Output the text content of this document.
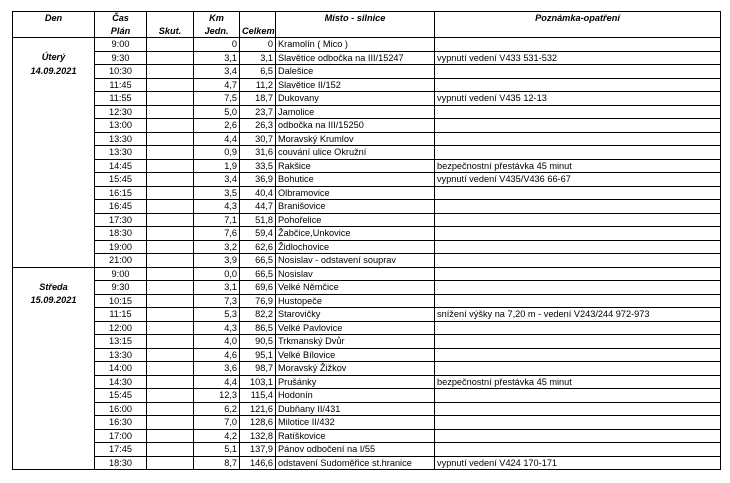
Den	Čas		Km		Místo - silnice	Poznámka-opatření
	Plán	Skut.	Jedn.	Celkem		
	9:00		0	0	Kramolín ( Mico )	
Úterý	9:30		3,1	3,1	Slavětice odbočka na III/15247	vypnutí vedení V433 531-532
14.09.2021	10:30		3,4	6,5	Dalešice	
	11:45		4,7	11,2	Slavětice II/152	
	11:55		7,5	18,7	Dukovany	vypnutí vedení V435 12-13
	12:30		5,0	23,7	Jamolice	
	13:00		2,6	26,3	odbočka na III/15250	
	13:30		4,4	30,7	Moravský Krumlov	
	13:30		0,9	31,6	couvání ulice Okružní	
	14:45		1,9	33,5	Rakšice	bezpečnostní přestávka 45 minut
	15:45		3,4	36,9	Bohutice	vypnutí vedení V435/V436 66-67
	16:15		3,5	40,4	Olbramovice	
	16:45		4,3	44,7	Branišovice	
	17:30		7,1	51,8	Pohořelice	
	18:30		7,6	59,4	Žabčice,Unkovice	
	19:00		3,2	62,6	Židlochovice	
	21:00		3,9	66,5	Nosislav - odstavení souprav	
	9:00		0,0	66,5	Nosislav	
Středa	9:30		3,1	69,6	Velké Němčice	
15.09.2021	10:15		7,3	76,9	Hustopeče	
	11:15		5,3	82,2	Starovičky	snížení výšky na 7,20 m - vedení V243/244 972-973
	12:00		4,3	86,5	Velké Pavlovice	
	13:15		4,0	90,5	Trkmanský Dvůr	
	13:30		4,6	95,1	Velké Bílovice	
	14:00		3,6	98,7	Moravský Žižkov	
	14:30		4,4	103,1	Prušánky	bezpečnostní přestávka 45 minut
	15:45		12,3	115,4	Hodonín	
	16:00		6,2	121,6	Dubňany II/431	
	16:30		7,0	128,6	Milotice II/432	
	17:00		4,2	132,8	Ratíškovice	
	17:45		5,1	137,9	Pánov odbočení na I/55	
	18:30		8,7	146,6	odstavení Sudoměřice st.hranice	vypnutí vedení V424 170-171
